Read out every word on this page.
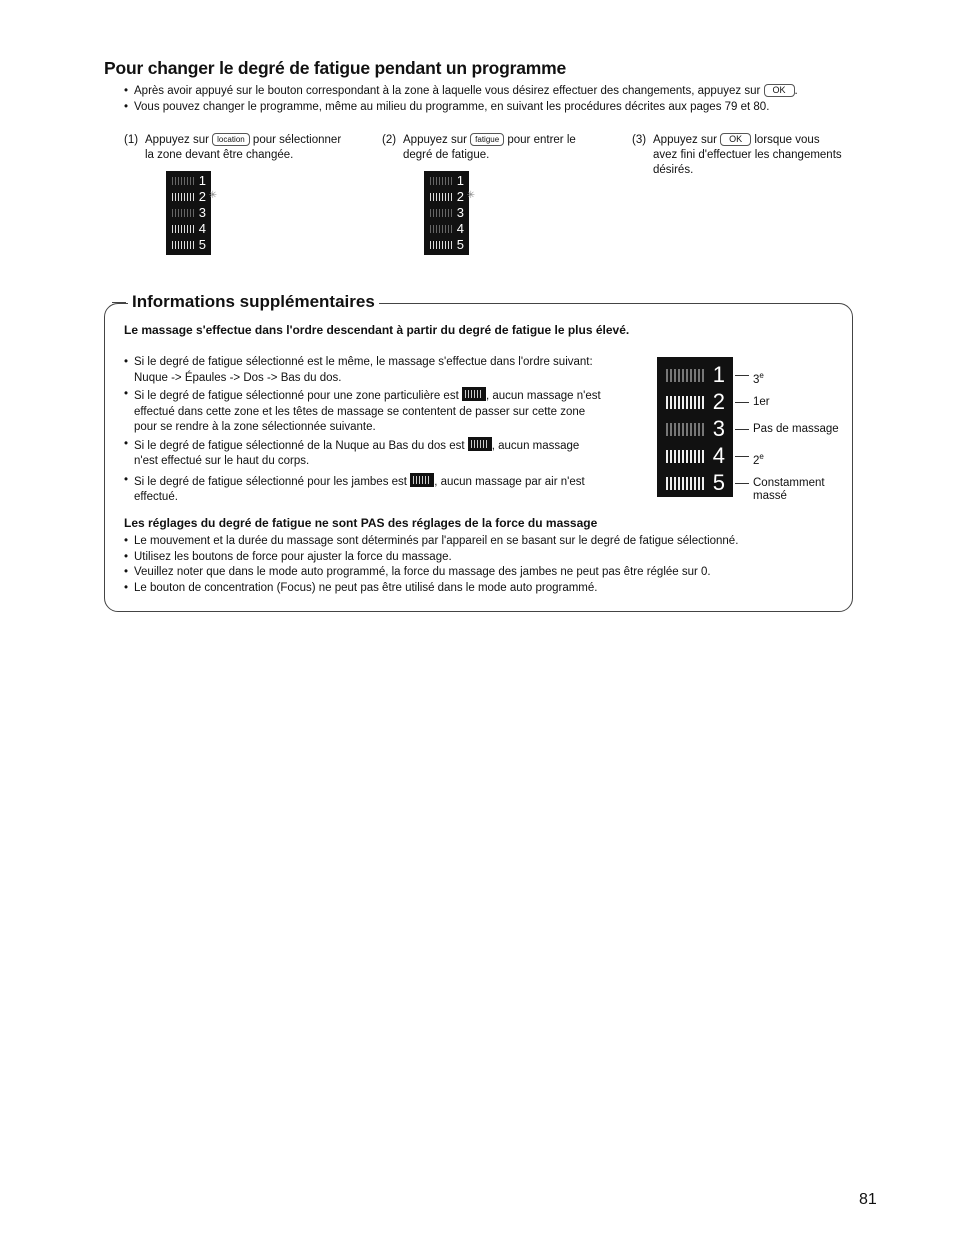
Pour changer le degré de fatigue pendant un programme
• Après avoir appuyé sur le bouton correspondant à la zone à laquelle vous désirez effectuer des changements, appuyez sur OK .
• Vous pouvez changer le programme, même au milieu du programme, en suivant les procédures décrites aux pages 79 et 80.
(1) Appuyez sur location pour sélectionner
la zone devant être changée.
(2) Appuyez sur fatigue pour entrer le
degré de fatigue.
(3) Appuyez sur OK lorsque vous
avez fini d'effectuer les changements
désirés.
1
2 ✳
3
4
5
1
2 ✳
3
4
5
Informations supplémentaires
Le massage s'effectue dans l'ordre descendant à partir du degré de fatigue le plus élevé.
• Si le degré de fatigue sélectionné est le même, le massage s'effectue dans l'ordre suivant:
Nuque -> Épaules -> Dos -> Bas du dos.
• Si le degré de fatigue sélectionné pour une zone particulière est , aucun massage n'est
effectué dans cette zone et les têtes de massage se contentent de passer sur cette zone
pour se rendre à la zone sélectionnée suivante.
• Si le degré de fatigue sélectionné de la Nuque au Bas du dos est , aucun massage
n'est effectué sur le haut du corps.
• Si le degré de fatigue sélectionné pour les jambes est , aucun massage par air n'est
effectué.
1
2
3
4
5
3e
1er
Pas de massage
2e
Constamment
massé
Les réglages du degré de fatigue ne sont PAS des réglages de la force du massage
• Le mouvement et la durée du massage sont déterminés par l'appareil en se basant sur le degré de fatigue sélectionné.
• Utilisez les boutons de force pour ajuster la force du massage.
• Veuillez noter que dans le mode auto programmé, la force du massage des jambes ne peut pas être réglée sur 0.
• Le bouton de concentration (Focus) ne peut pas être utilisé dans le mode auto programmé.
81
